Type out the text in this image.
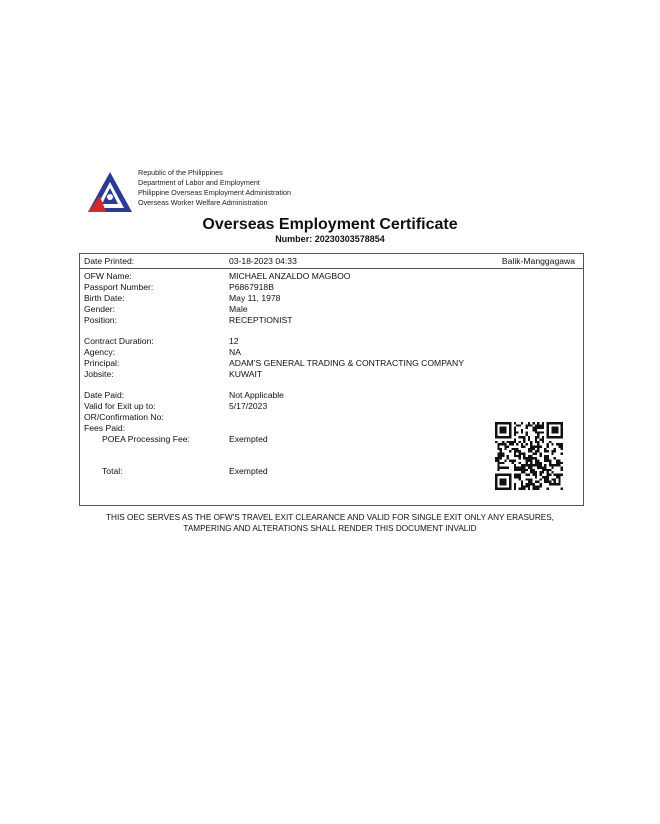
Republic of the Philippines
Department of Labor and Employment
Philippine Overseas Employment Administration
Overseas Worker Welfare Administration
Overseas Employment Certificate
Number: 20230303578854
Date Printed:	03-18-2023 04:33	Balik-Manggagawa
OFW Name:	MICHAEL ANZALDO MAGBOO
Passport Number:	P6867918B
Birth Date:	May 11, 1978
Gender:	Male
Position:	RECEPTIONIST
Contract Duration:	12
Agency:	NA
Principal:	ADAM'S GENERAL TRADING & CONTRACTING COMPANY
Jobsite:	KUWAIT
Date Paid:	Not Applicable
Valid for Exit up to:	5/17/2023
OR/Confirmation No:
Fees Paid:
POEA Processing Fee:	Exempted
Total:	Exempted
THIS OEC SERVES AS THE OFW'S TRAVEL EXIT CLEARANCE AND VALID FOR SINGLE EXIT ONLY ANY ERASURES,
TAMPERING AND ALTERATIONS SHALL RENDER THIS DOCUMENT INVALID
